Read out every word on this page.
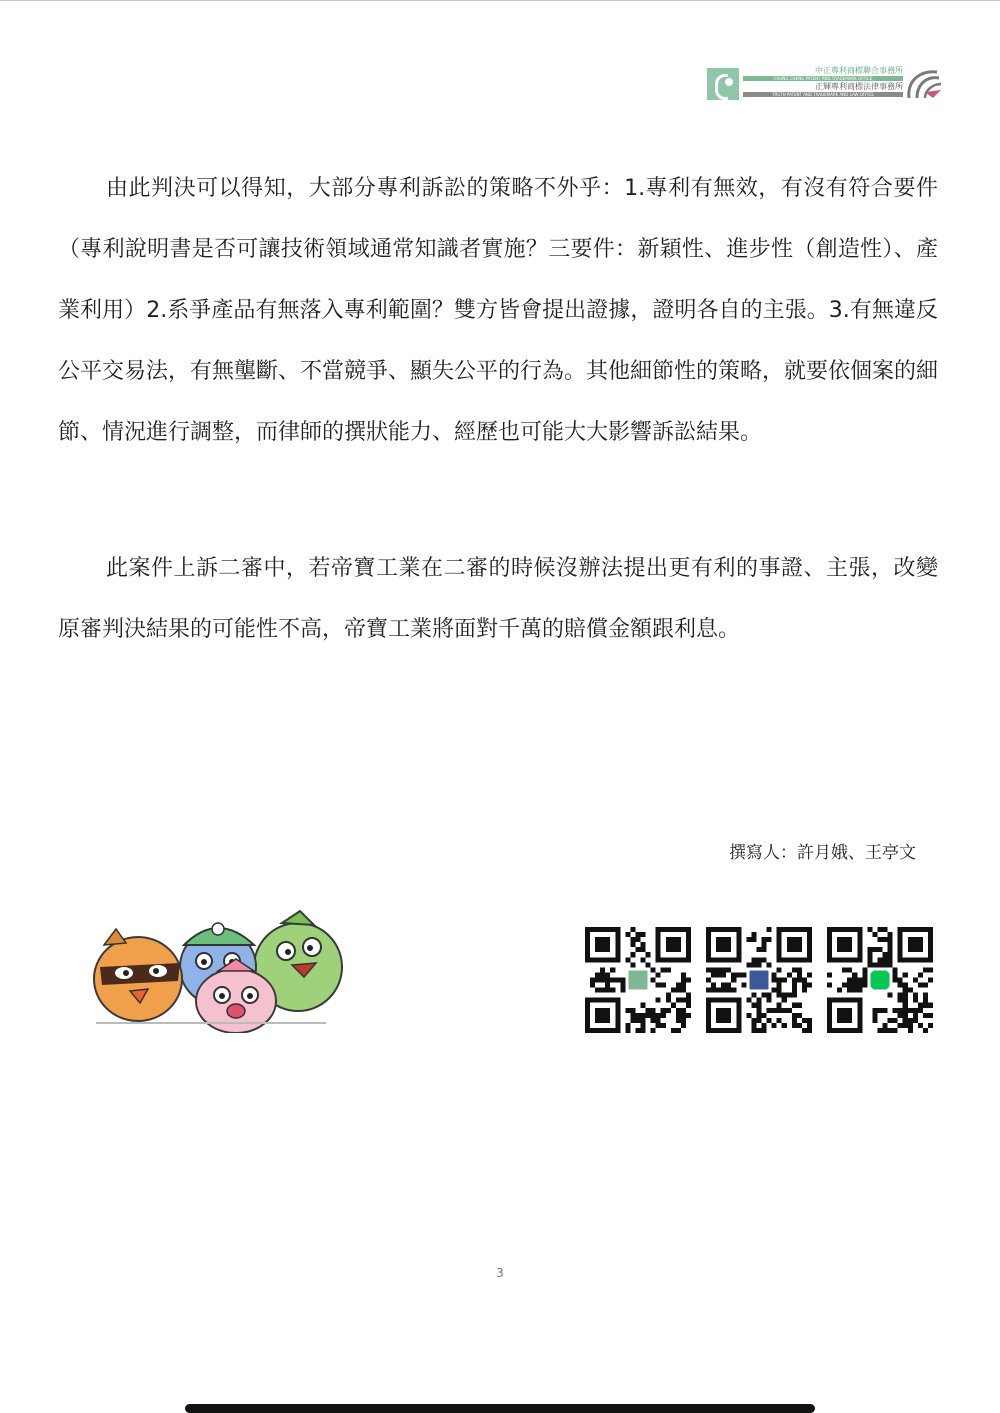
中正專利商標聯合事務所
CHUNG CHENG PATENT AND TRADEMARK OFFICE
正輝專利商標法律事務所
TRUTH PATENT AND TRADEMARK AND LAW OFFICE

由此判決可以得知，大部分專利訴訟的策略不外乎：1.專利有無效，有沒有符合要件（專利說明書是否可讓技術領域通常知識者實施？三要件：新穎性、進步性（創造性）、產業利用）2.系爭產品有無落入專利範圍？雙方皆會提出證據，證明各自的主張。3.有無違反公平交易法，有無壟斷、不當競爭、顯失公平的行為。其他細節性的策略，就要依個案的細節、情況進行調整，而律師的撰狀能力、經歷也可能大大影響訴訟結果。

此案件上訴二審中，若帝寶工業在二審的時候沒辦法提出更有利的事證、主張，改變原審判決結果的可能性不高，帝寶工業將面對千萬的賠償金額跟利息。

撰寫人：許月娥、王亭文
3
